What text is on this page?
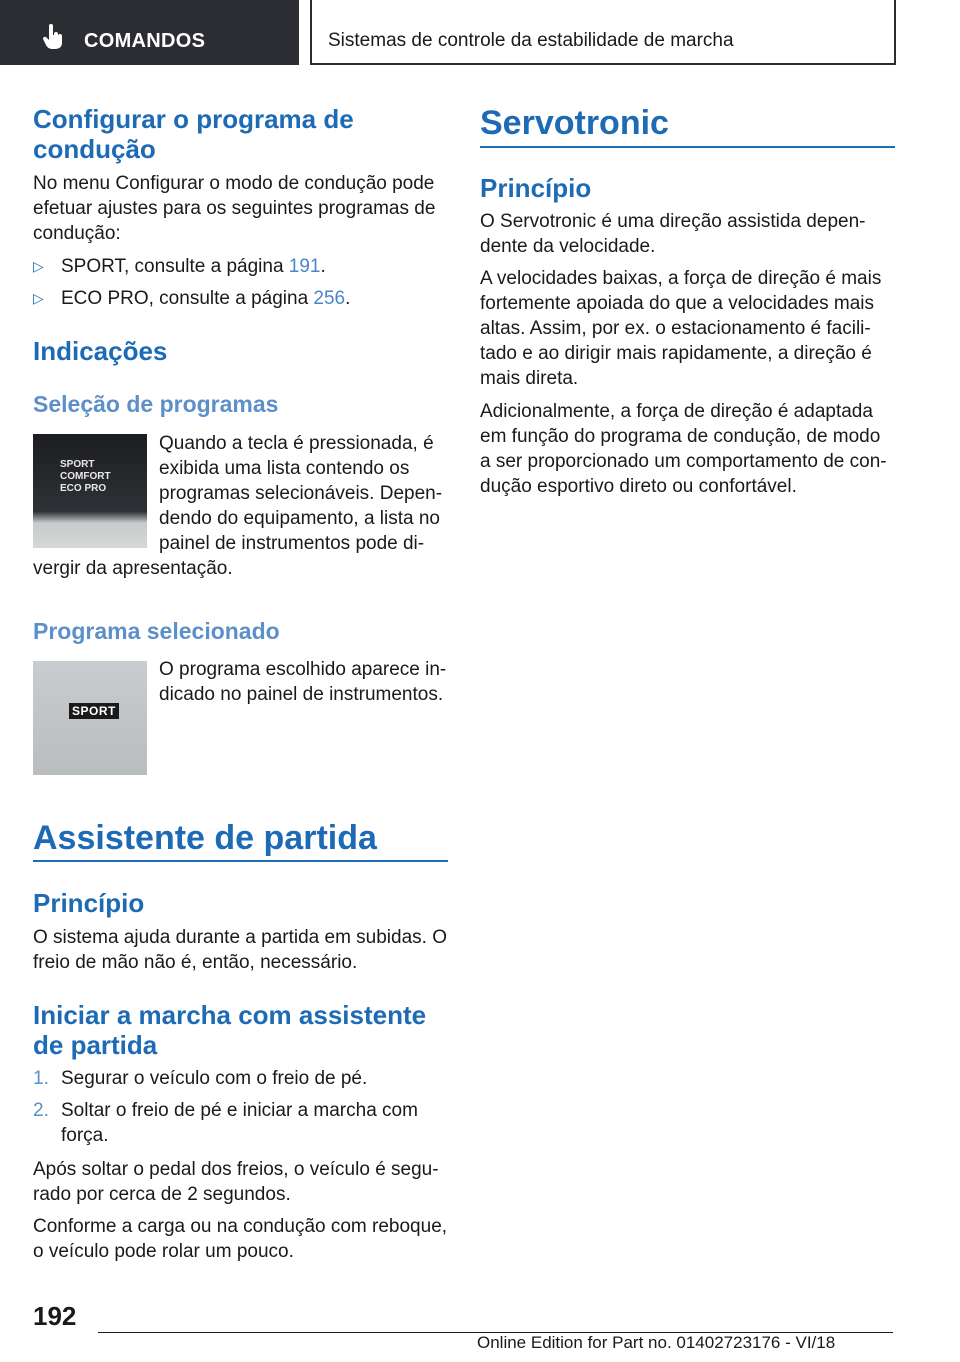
COMANDOS	Sistemas de controle da estabilidade de marcha
Configurar o programa de
condução

No menu Configurar o modo de condução pode
efetuar ajustes para os seguintes programas de
condução:

▷ SPORT, consulte a página 191.
▷ ECO PRO, consulte a página 256.
Indicações
Seleção de programas
SPORT
COMFORT
ECO PRO

Quando a tecla é pressionada, é
exibida uma lista contendo os
programas selecionáveis. Depen-
dendo do equipamento, a lista no
painel de instrumentos pode di-

vergir da apresentação.

Programa selecionado
SPORT

O programa escolhido aparece in-
dicado no painel de instrumentos.

Assistente de partida
Princípio

O sistema ajuda durante a partida em subidas. O
freio de mão não é, então, necessário.

Iniciar a marcha com assistente
de partida
1. Segurar o veículo com o freio de pé.
2. Soltar o freio de pé e iniciar a marcha com
força.

Após soltar o pedal dos freios, o veículo é segu-
rado por cerca de 2 segundos.

Conforme a carga ou na condução com reboque,
o veículo pode rolar um pouco.

Servotronic
Princípio

O Servotronic é uma direção assistida depen-
dente da velocidade.

A velocidades baixas, a força de direção é mais
fortemente apoiada do que a velocidades mais
altas. Assim, por ex. o estacionamento é facili-
tado e ao dirigir mais rapidamente, a direção é
mais direta.

Adicionalmente, a força de direção é adaptada
em função do programa de condução, de modo
a ser proporcionado um comportamento de con-
dução esportivo direto ou confortável.

192
Online Edition for Part no. 01402723176 - VI/18
